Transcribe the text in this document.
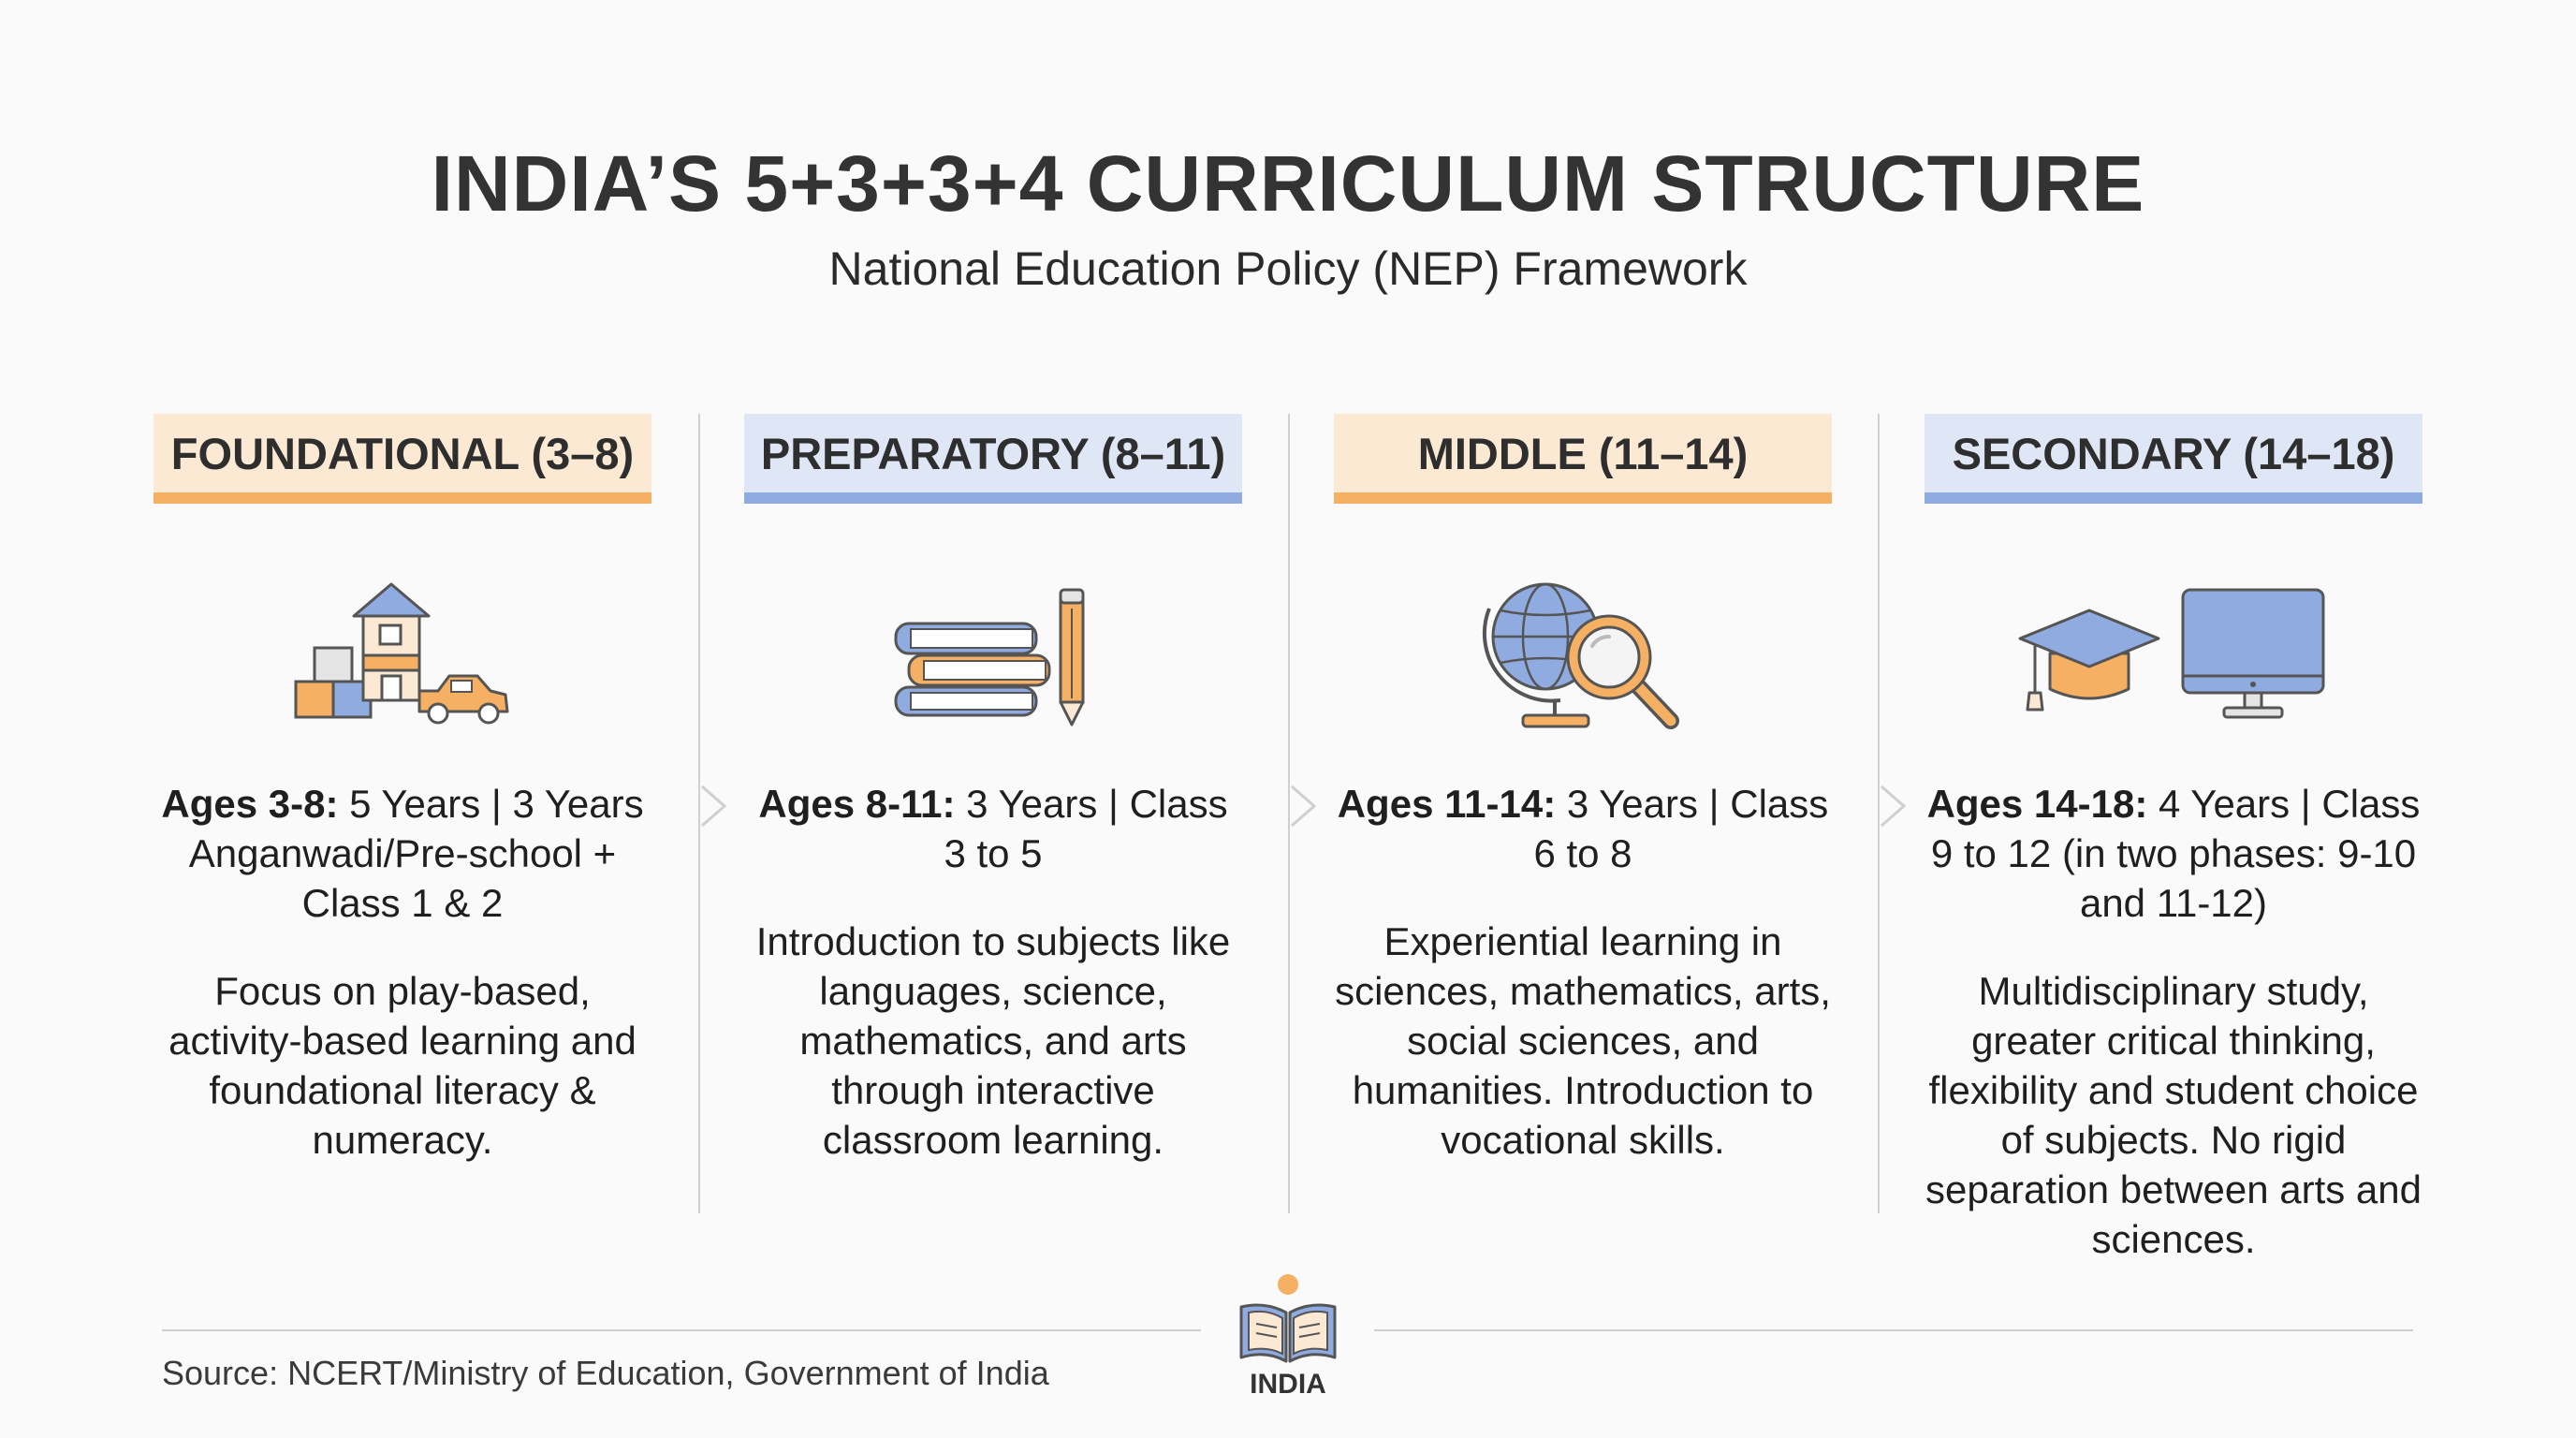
INDIA’S 5+3+3+4 CURRICULUM STRUCTURE
National Education Policy (NEP) Framework
FOUNDATIONAL (3–8)
Ages 3-8: 5 Years | 3 Years Anganwadi/Pre-school + Class 1 & 2
Focus on play-based, activity-based learning and foundational literacy & numeracy.
PREPARATORY (8–11)
Ages 8-11: 3 Years | Class 3 to 5
Introduction to subjects like languages, science, mathematics, and arts through interactive classroom learning.
MIDDLE (11–14)
Ages 11-14: 3 Years | Class 6 to 8
Experiential learning in sciences, mathematics, arts, social sciences, and humanities. Introduction to vocational skills.
SECONDARY (14–18)
Ages 14-18: 4 Years | Class 9 to 12 (in two phases: 9-10 and 11-12)
Multidisciplinary study, greater critical thinking, flexibility and student choice of subjects. No rigid separation between arts and sciences.
Source: NCERT/Ministry of Education, Government of India	INDIA
